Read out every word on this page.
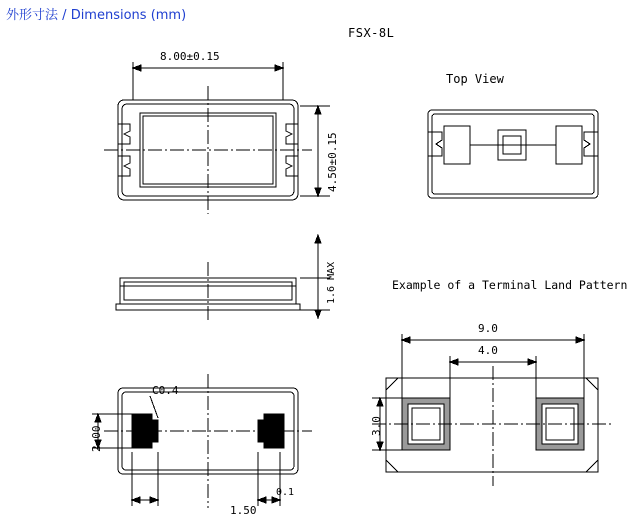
外形寸法 / Dimensions (mm)
FSX-8L
8.00±0.15
4.50±0.15
1.6 MAX
C0.4
2.00
1.50
0.1
Top View
Example of a Terminal Land Pattern
9.0
4.0
3.0
